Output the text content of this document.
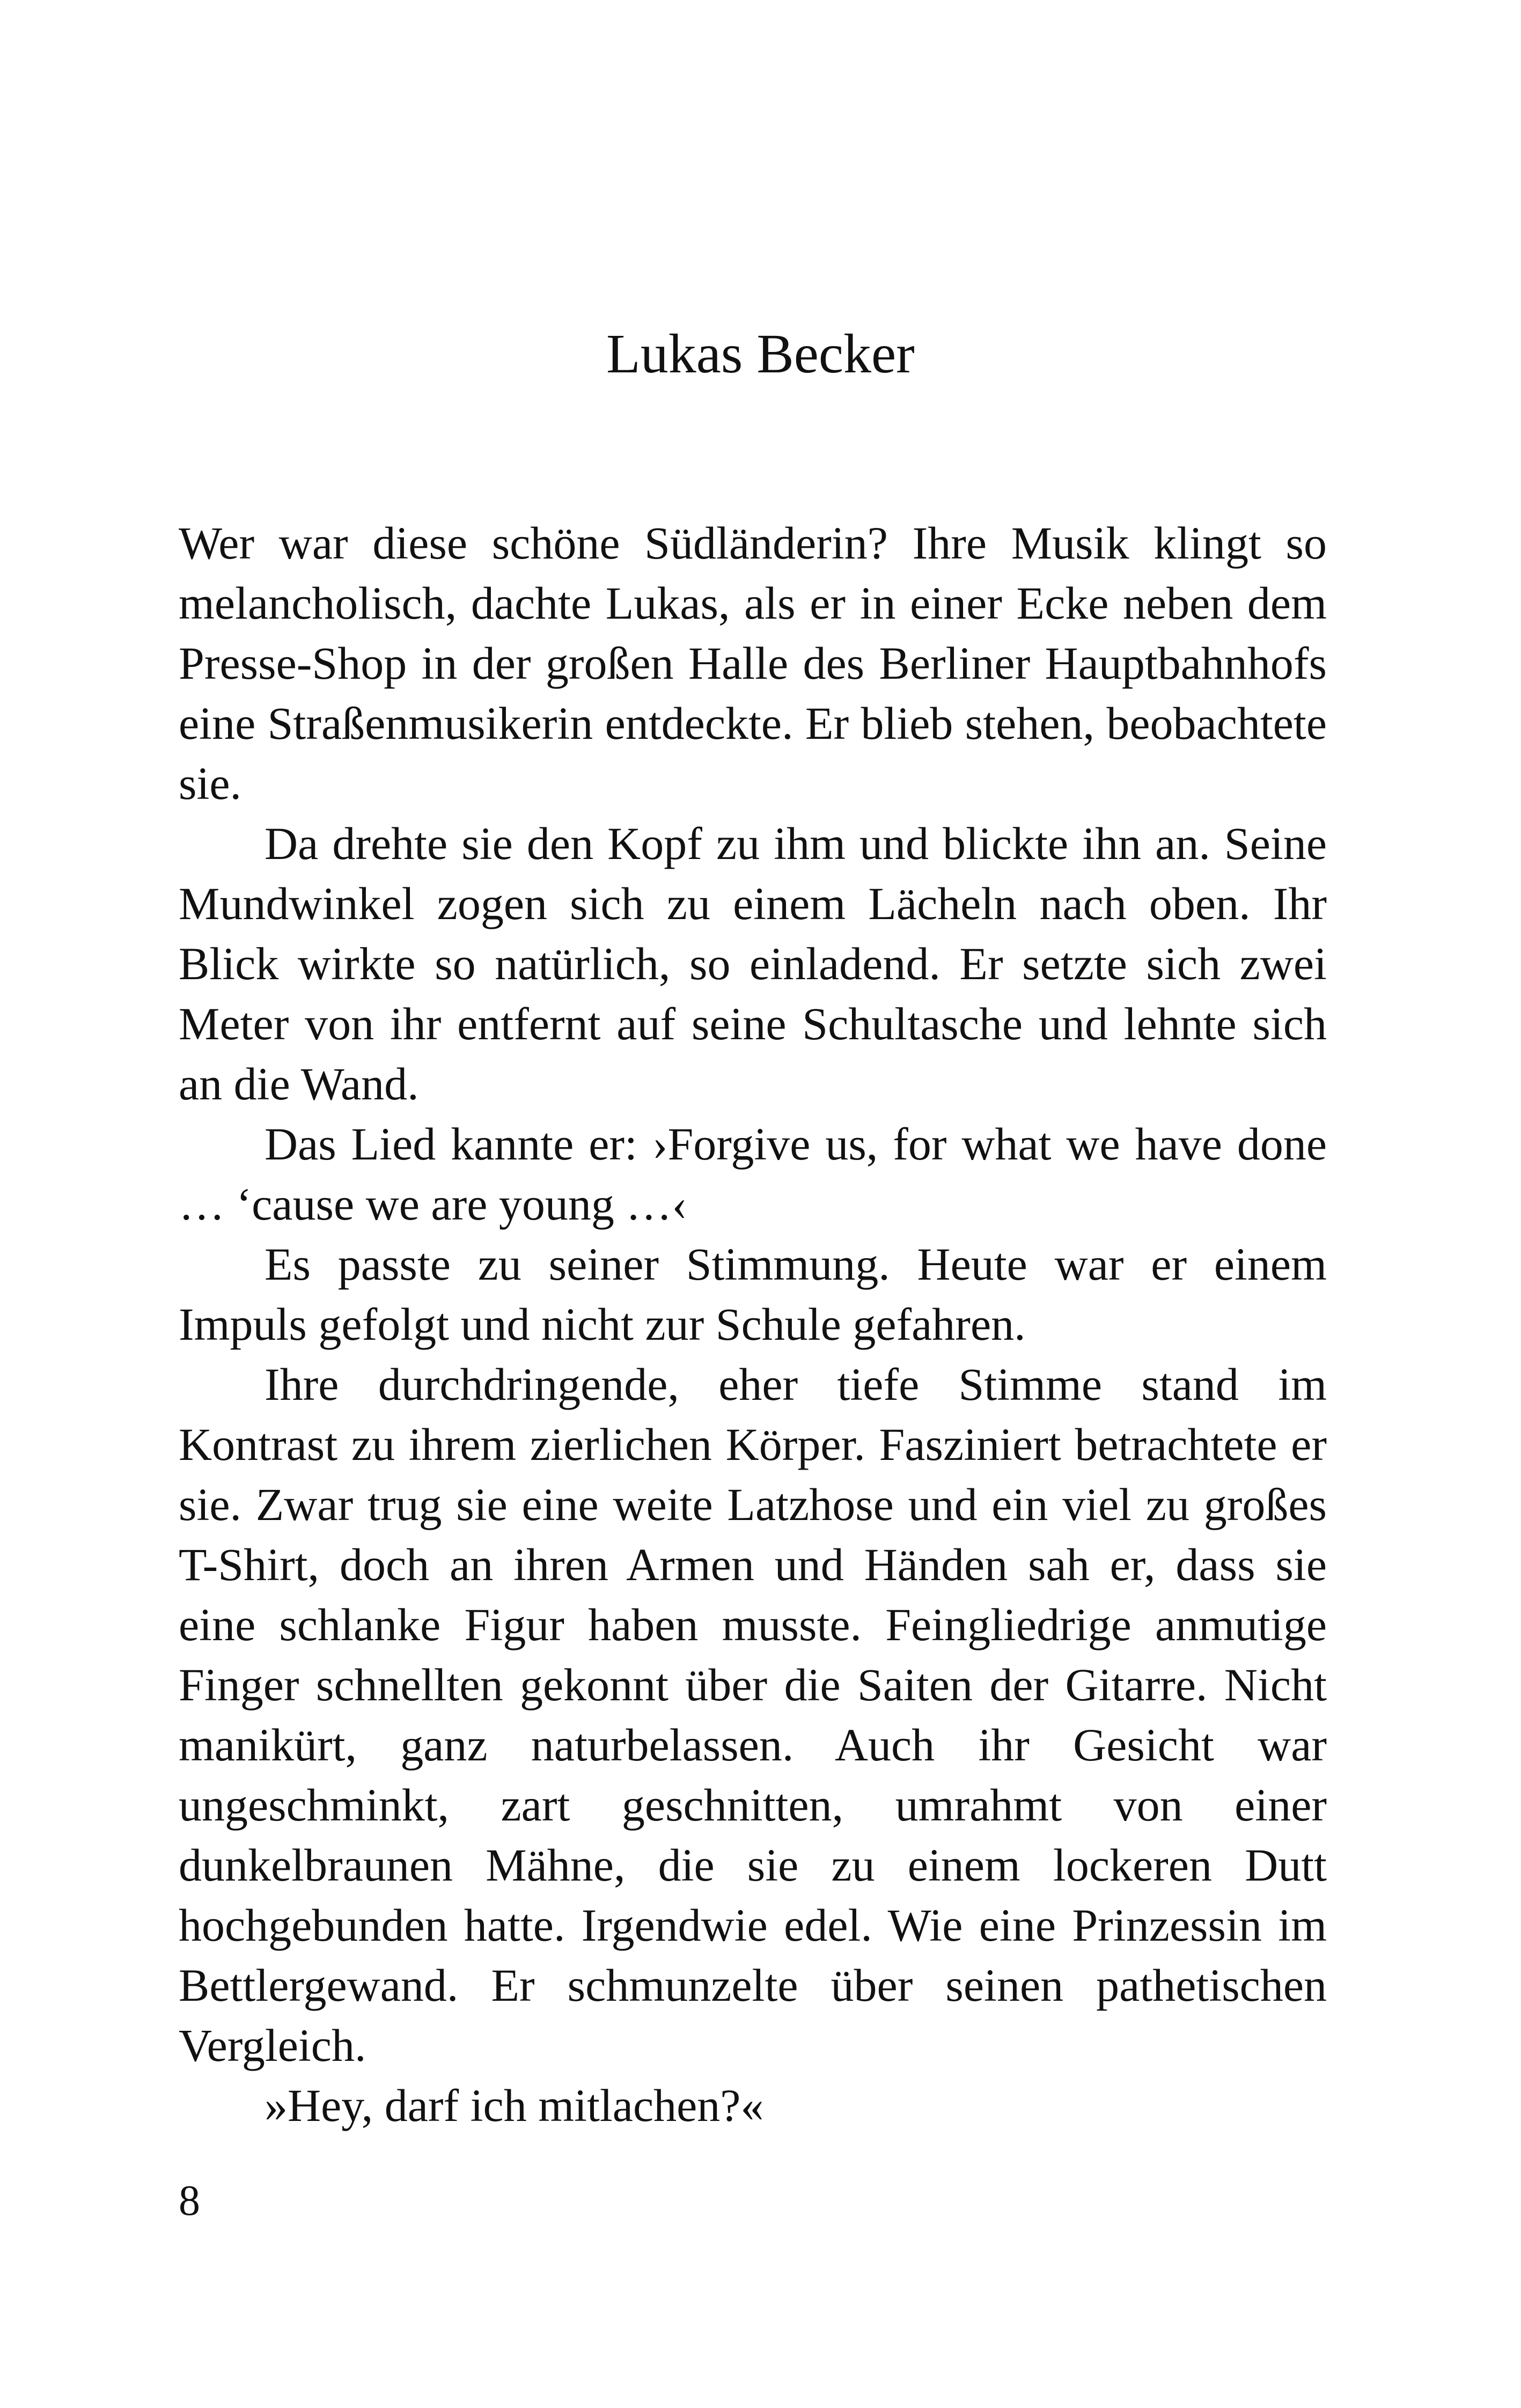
Lukas Becker

Wer war diese schöne Südländerin? Ihre Musik klingt so melancholisch, dachte Lukas, als er in einer Ecke neben dem Presse-Shop in der großen Halle des Berliner Hauptbahnhofs eine Straßenmusikerin entdeckte. Er blieb stehen, beobachtete sie.

Da drehte sie den Kopf zu ihm und blickte ihn an. Seine Mundwinkel zogen sich zu einem Lächeln nach oben. Ihr Blick wirkte so natürlich, so einladend. Er setzte sich zwei Meter von ihr entfernt auf seine Schultasche und lehnte sich an die Wand.

Das Lied kannte er: ›Forgive us, for what we have done … ‘cause we are young …‹

Es passte zu seiner Stimmung. Heute war er einem Impuls gefolgt und nicht zur Schule gefahren.

Ihre durchdringende, eher tiefe Stimme stand im Kontrast zu ihrem zierlichen Körper. Fasziniert betrachtete er sie. Zwar trug sie eine weite Latzhose und ein viel zu großes T-Shirt, doch an ihren Armen und Händen sah er, dass sie eine schlanke Figur haben musste. Feingliedrige anmutige Finger schnellten gekonnt über die Saiten der Gitarre. Nicht manikürt, ganz naturbelassen. Auch ihr Gesicht war ungeschminkt, zart geschnitten, umrahmt von einer dunkelbraunen Mähne, die sie zu einem lockeren Dutt hochgebunden hatte. Irgendwie edel. Wie eine Prinzessin im Bettlergewand. Er schmunzelte über seinen pathetischen Vergleich.

»Hey, darf ich mitlachen?«

8
